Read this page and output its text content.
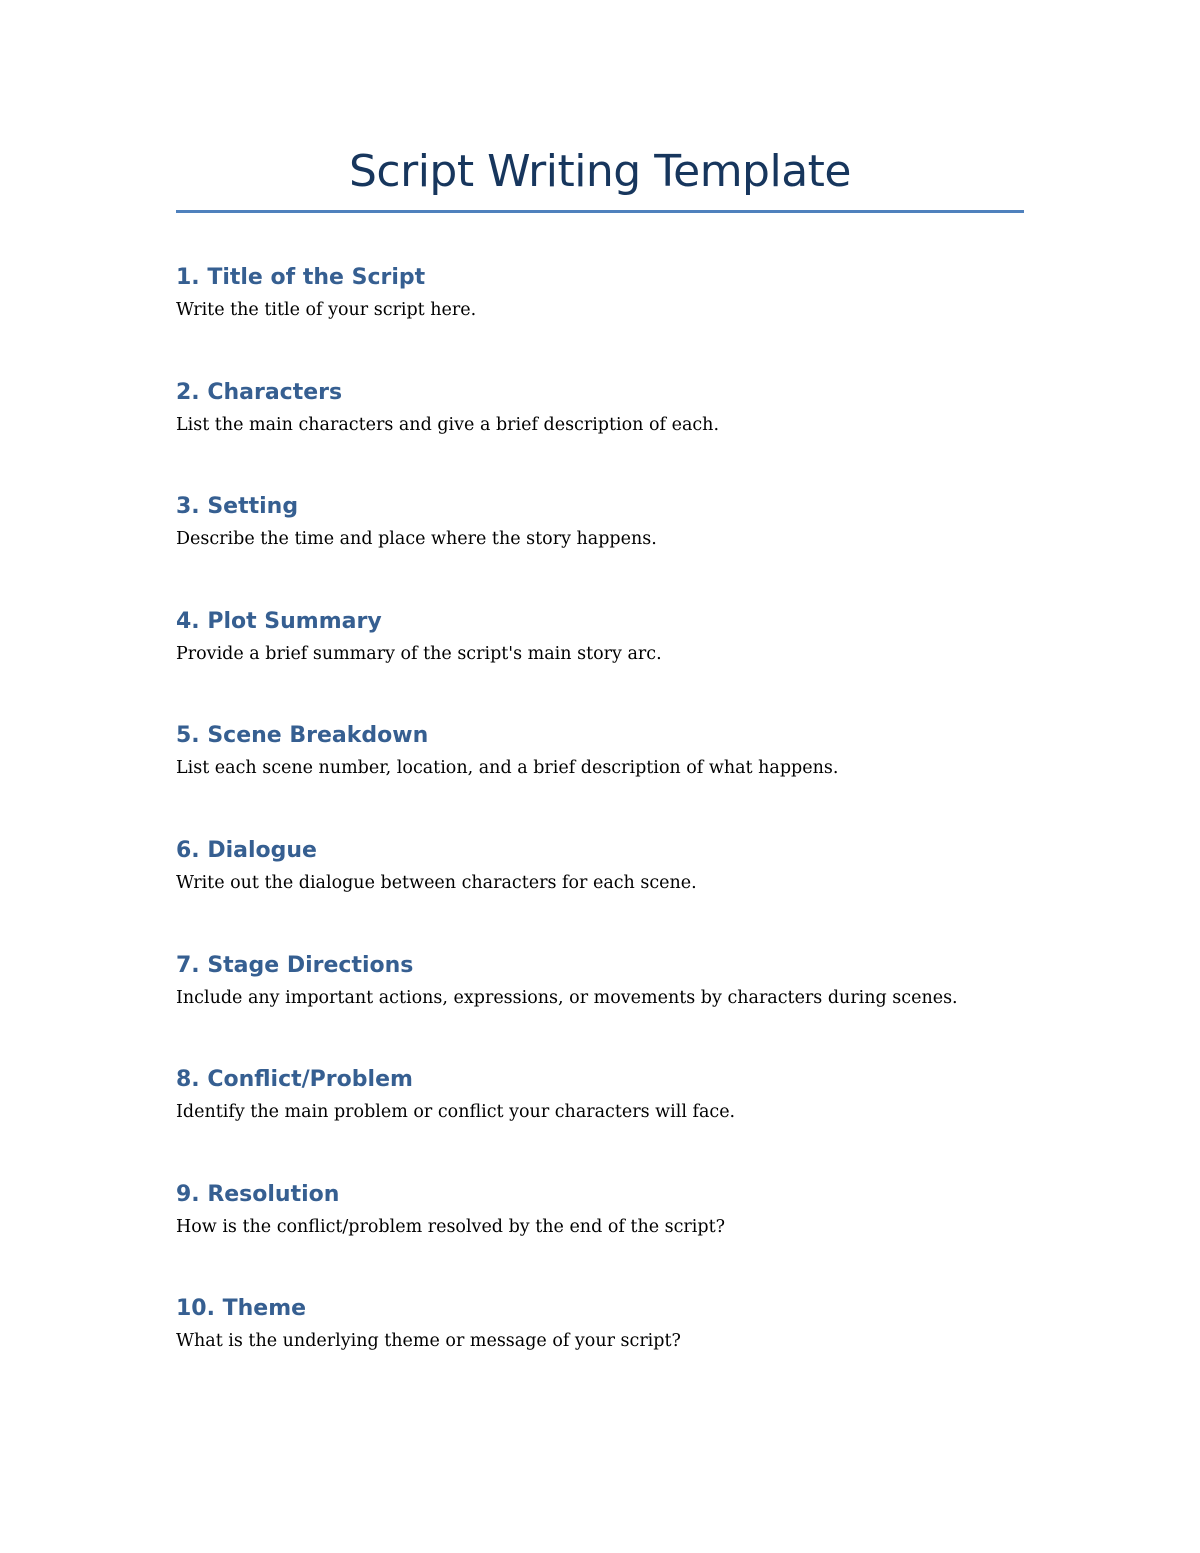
Script Writing Template
1. Title of the Script

Write the title of your script here.

2. Characters

List the main characters and give a brief description of each.

3. Setting

Describe the time and place where the story happens.

4. Plot Summary

Provide a brief summary of the script's main story arc.

5. Scene Breakdown

List each scene number, location, and a brief description of what happens.

6. Dialogue

Write out the dialogue between characters for each scene.

7. Stage Directions

Include any important actions, expressions, or movements by characters during scenes.

8. Conflict/Problem

Identify the main problem or conflict your characters will face.

9. Resolution

How is the conflict/problem resolved by the end of the script?

10. Theme

What is the underlying theme or message of your script?
